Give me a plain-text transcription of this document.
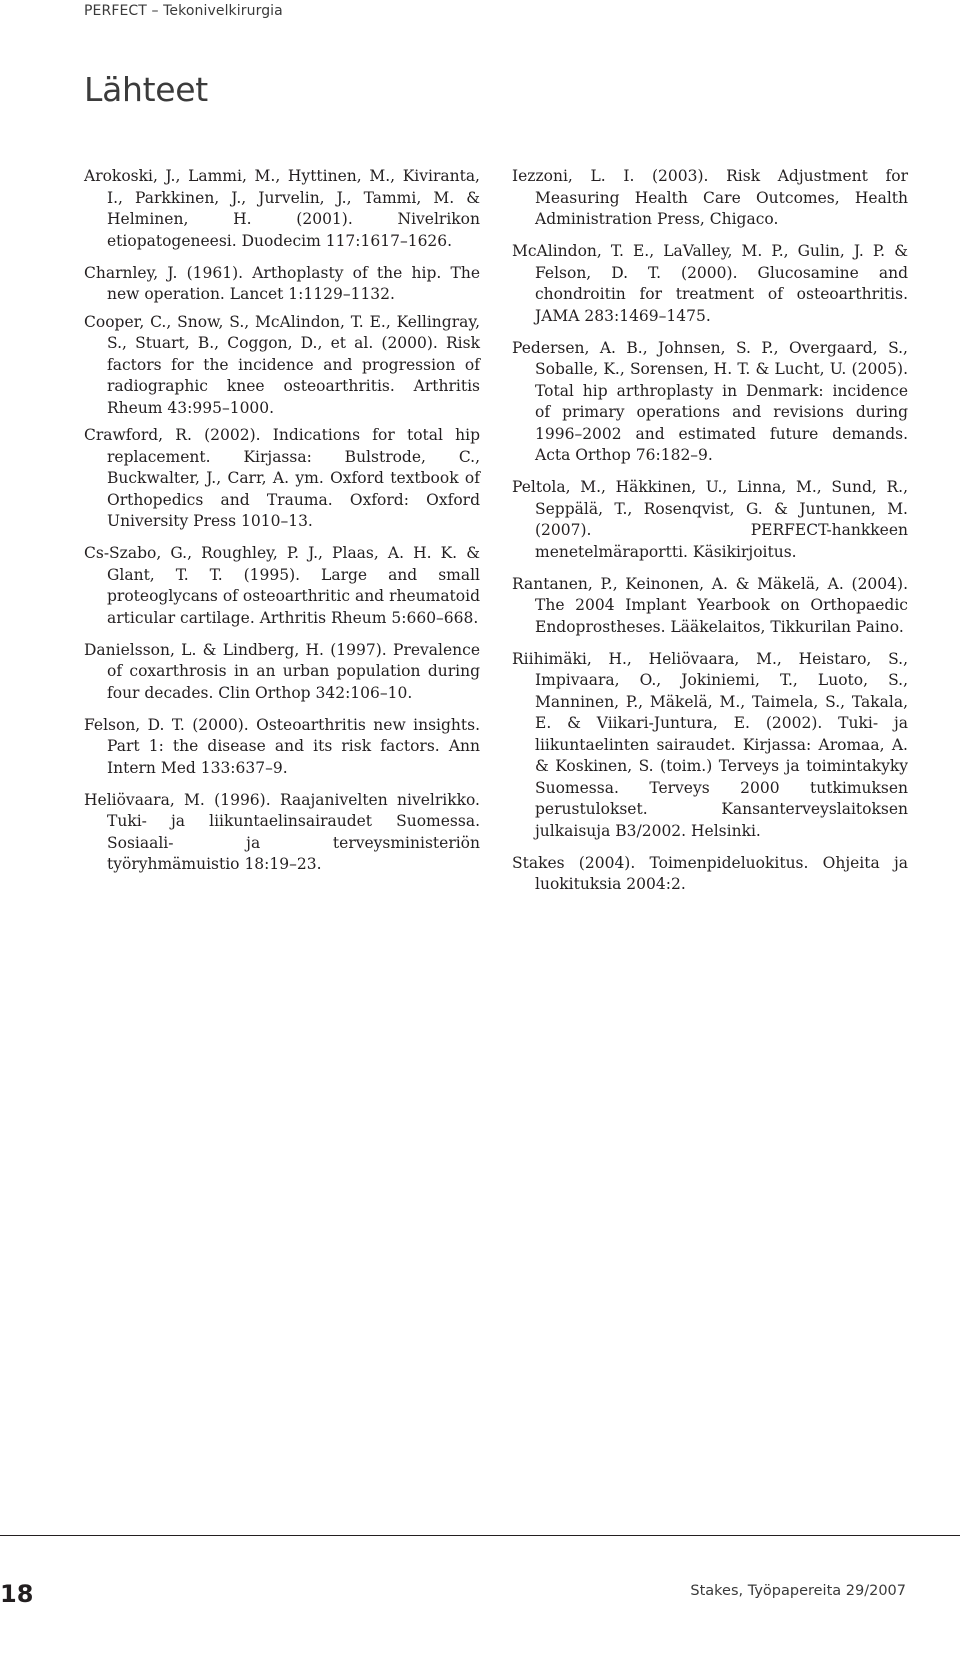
PERFECT – Tekonivelkirurgia
Lähteet
Arokoski, J., Lammi, M., Hyttinen, M., Kiviranta, I., Parkkinen, J., Jurvelin, J., Tammi, M. & Helminen, H. (2001). Nivelrikon etiopatogeneesi. Duodecim 117:1617–1626.
Charnley, J. (1961). Arthoplasty of the hip. The new operation. Lancet 1:1129–1132.
Cooper, C., Snow, S., McAlindon, T. E., Kellingray, S., Stuart, B., Coggon, D., et al. (2000). Risk factors for the incidence and progression of radiographic knee osteoarthritis. Arthritis Rheum 43:995–1000.
Crawford, R. (2002). Indications for total hip replacement. Kirjassa: Bulstrode, C., Buckwalter, J., Carr, A. ym. Oxford textbook of Orthopedics and Trauma. Oxford: Oxford University Press 1010–13.
Cs-Szabo, G., Roughley, P. J., Plaas, A. H. K. & Glant, T. T. (1995). Large and small proteoglycans of osteoarthritic and rheumatoid articular cartilage. Arthritis Rheum 5:660–668.
Danielsson, L. & Lindberg, H. (1997). Prevalence of coxarthrosis in an urban population during four decades. Clin Orthop 342:106–10.
Felson, D. T. (2000). Osteoarthritis new insights. Part 1: the disease and its risk factors. Ann Intern Med 133:637–9.
Heliövaara, M. (1996). Raajanivelten nivelrikko. Tuki- ja liikuntaelinsairaudet Suomessa. Sosiaali- ja terveysministeriön työryhmämuistio 18:19–23.
Iezzoni, L. I. (2003). Risk Adjustment for Measuring Health Care Outcomes, Health Administration Press, Chigaco.
McAlindon, T. E., LaValley, M. P., Gulin, J. P. & Felson, D. T. (2000). Glucosamine and chondroitin for treatment of osteoarthritis. JAMA 283:1469–1475.
Pedersen, A. B., Johnsen, S. P., Overgaard, S., Soballe, K., Sorensen, H. T. & Lucht, U. (2005). Total hip arthroplasty in Denmark: incidence of primary operations and revisions during 1996–2002 and estimated future demands. Acta Orthop 76:182–9.
Peltola, M., Häkkinen, U., Linna, M., Sund, R., Seppälä, T., Rosenqvist, G. & Juntunen, M. (2007). PERFECT-hankkeen menetelmäraportti. Käsikirjoitus.
Rantanen, P., Keinonen, A. & Mäkelä, A. (2004). The 2004 Implant Yearbook on Orthopaedic Endoprostheses. Lääkelaitos, Tikkurilan Paino.
Riihimäki, H., Heliövaara, M., Heistaro, S., Impivaara, O., Jokiniemi, T., Luoto, S., Manninen, P., Mäkelä, M., Taimela, S., Takala, E. & Viikari-Juntura, E. (2002). Tuki- ja liikuntaelinten sairaudet. Kirjassa: Aromaa, A. & Koskinen, S. (toim.) Terveys ja toimintakyky Suomessa. Terveys 2000 tutkimuksen perustulokset. Kansanterveyslaitoksen julkaisuja B3/2002. Helsinki.
Stakes (2004). Toimenpideluokitus. Ohjeita ja luokituksia 2004:2.
18	Stakes, Työpapereita 29/2007
